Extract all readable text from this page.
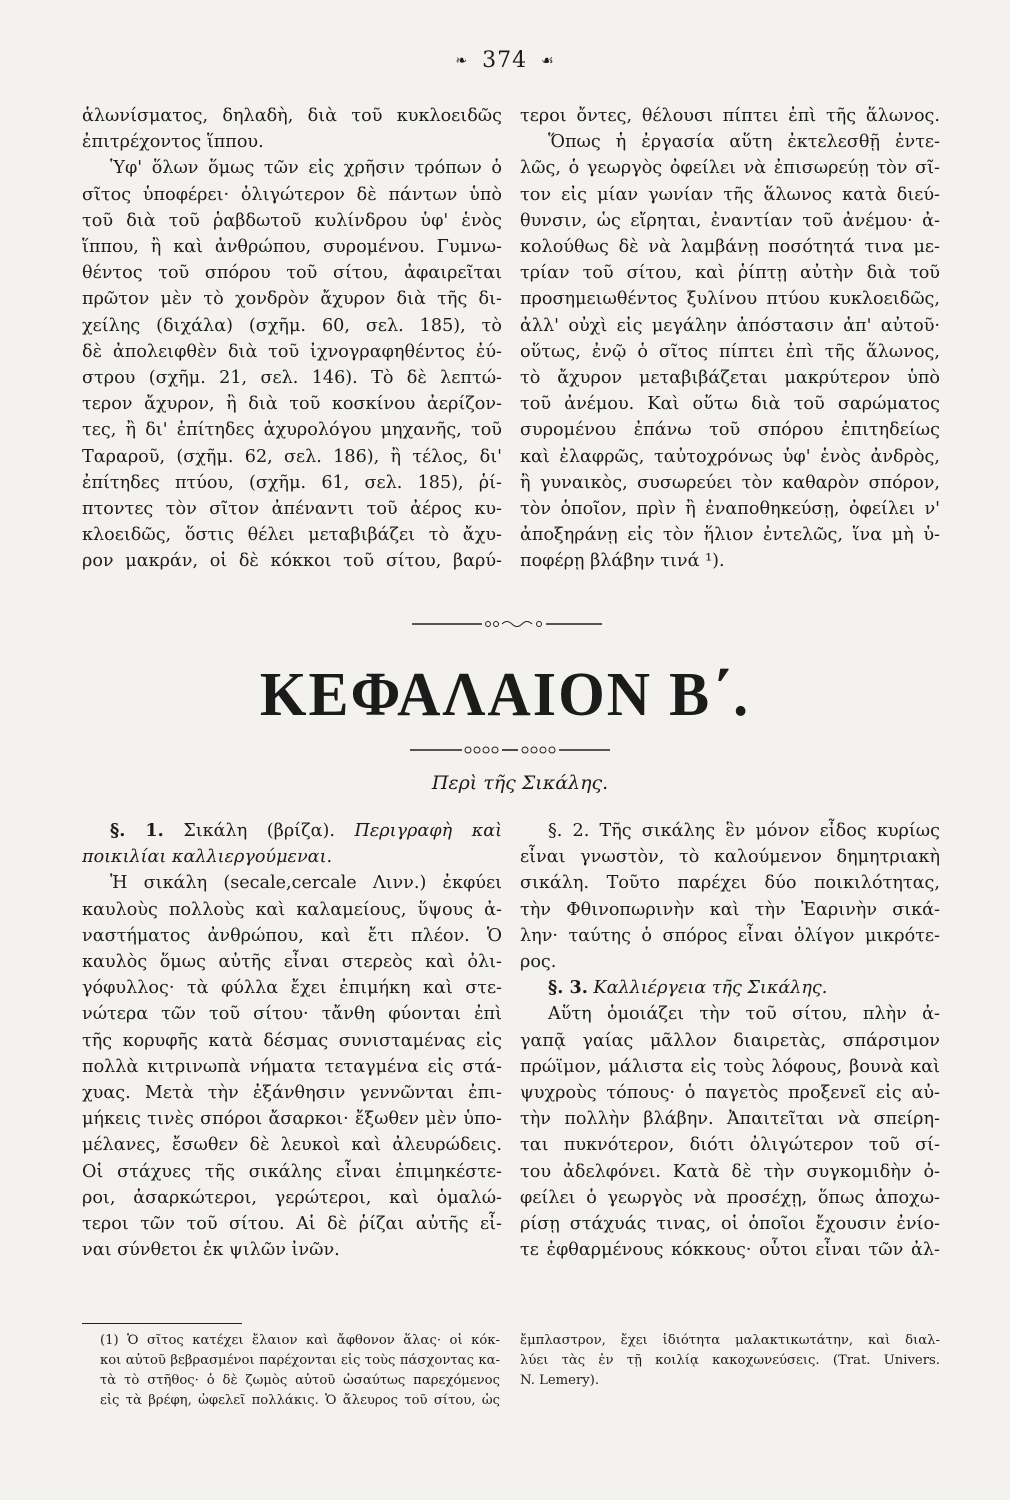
❧ 374 ☙
ἁλωνίσματος, δηλαδὴ, διὰ τοῦ κυκλοειδῶς
ἐπιτρέχοντος ἵππου.
Ὑφ' ὅλων ὅμως τῶν εἰς χρῆσιν τρόπων ὁ
σῖτος ὑποφέρει· ὀλιγώτερον δὲ πάντων ὑπὸ
τοῦ διὰ τοῦ ῥαβδωτοῦ κυλίνδρου ὑφ' ἑνὸς
ἵππου, ἢ καὶ ἀνθρώπου, συρομένου. Γυμνω-
θέντος τοῦ σπόρου τοῦ σίτου, ἀφαιρεῖται
πρῶτον μὲν τὸ χονδρὸν ἄχυρον διὰ τῆς δι-
χείλης (διχάλα) (σχῆμ. 60, σελ. 185), τὸ
δὲ ἀπολειφθὲν διὰ τοῦ ἰχνογραφηθέντος ἐύ-
στρου (σχῆμ. 21, σελ. 146). Τὸ δὲ λεπτώ-
τερον ἄχυρον, ἢ διὰ τοῦ κοσκίνου ἀερίζον-
τες, ἢ δι' ἐπίτηδες ἀχυρολόγου μηχανῆς, τοῦ
Ταραροῦ, (σχῆμ. 62, σελ. 186), ἢ τέλος, δι'
ἐπίτηδες πτύου, (σχῆμ. 61, σελ. 185), ῥί-
πτοντες τὸν σῖτον ἀπέναντι τοῦ ἀέρος κυ-
κλοειδῶς, ὅστις θέλει μεταβιβάζει τὸ ἄχυ-
ρον μακράν, οἱ δὲ κόκκοι τοῦ σίτου, βαρύ-
τεροι ὄντες, θέλουσι πίπτει ἐπὶ τῆς ἅλωνος.
Ὅπως ἡ ἐργασία αὕτη ἐκτελεσθῇ ἐντε-
λῶς, ὁ γεωργὸς ὀφείλει νὰ ἐπισωρεύῃ τὸν σῖ-
τον εἰς μίαν γωνίαν τῆς ἅλωνος κατὰ διεύ-
θυνσιν, ὡς εἴρηται, ἐναντίαν τοῦ ἀνέμου· ἀ-
κολούθως δὲ νὰ λαμβάνῃ ποσότητά τινα με-
τρίαν τοῦ σίτου, καὶ ῥίπτῃ αὐτὴν διὰ τοῦ
προσημειωθέντος ξυλίνου πτύου κυκλοειδῶς,
ἀλλ' οὐχὶ εἰς μεγάλην ἀπόστασιν ἀπ' αὐτοῦ·
οὕτως, ἐνῷ ὁ σῖτος πίπτει ἐπὶ τῆς ἅλωνος,
τὸ ἄχυρον μεταβιβάζεται μακρύτερον ὑπὸ
τοῦ ἀνέμου. Καὶ οὕτω διὰ τοῦ σαρώματος
συρομένου ἐπάνω τοῦ σπόρου ἐπιτηδείως
καὶ ἐλαφρῶς, ταὐτοχρόνως ὑφ' ἑνὸς ἀνδρὸς,
ἢ γυναικὸς, συσωρεύει τὸν καθαρὸν σπόρον,
τὸν ὁποῖον, πρὶν ἢ ἐναποθηκεύσῃ, ὀφείλει ν'
ἀποξηράνῃ εἰς τὸν ἥλιον ἐντελῶς, ἵνα μὴ ὑ-
ποφέρῃ βλάβην τινά ¹).
ΚΕΦΑΛΑΙΟΝ Β΄.
Περὶ τῆς Σικάλης.
§. 1. Σικάλη (βρίζα). Περιγραφὴ καὶ
ποικιλίαι καλλιεργούμεναι.
Ἡ σικάλη (secale,cercale Λινν.) ἐκφύει
καυλοὺς πολλοὺς καὶ καλαμείους, ὕψους ἀ-
ναστήματος ἀνθρώπου, καὶ ἔτι πλέον. Ὁ
καυλὸς ὅμως αὐτῆς εἶναι στερεὸς καὶ ὀλι-
γόφυλλος· τὰ φύλλα ἔχει ἐπιμήκη καὶ στε-
νώτερα τῶν τοῦ σίτου· τἄνθη φύονται ἐπὶ
τῆς κορυφῆς κατὰ δέσμας συνισταμένας εἰς
πολλὰ κιτρινωπὰ νήματα τεταγμένα εἰς στά-
χυας. Μετὰ τὴν ἐξάνθησιν γεννῶνται ἐπι-
μήκεις τινὲς σπόροι ἄσαρκοι· ἔξωθεν μὲν ὑπο-
μέλανες, ἔσωθεν δὲ λευκοὶ καὶ ἀλευρώδεις.
Οἱ στάχυες τῆς σικάλης εἶναι ἐπιμηκέστε-
ροι, ἀσαρκώτεροι, γερώτεροι, καὶ ὁμαλώ-
τεροι τῶν τοῦ σίτου. Αἱ δὲ ῥίζαι αὐτῆς εἶ-
ναι σύνθετοι ἐκ ψιλῶν ἰνῶν.
§. 2. Τῆς σικάλης ἓν μόνον εἶδος κυρίως
εἶναι γνωστὸν, τὸ καλούμενον δημητριακὴ
σικάλη. Τοῦτο παρέχει δύο ποικιλότητας,
τὴν Φθινοπωρινὴν καὶ τὴν Ἐαρινὴν σικά-
λην· ταύτης ὁ σπόρος εἶναι ὀλίγον μικρότε-
ρος.
§. 3. Καλλιέργεια τῆς Σικάλης.
Αὕτη ὁμοιάζει τὴν τοῦ σίτου, πλὴν ἀ-
γαπᾷ γαίας μᾶλλον διαιρετὰς, σπάρσιμον
πρώϊμον, μάλιστα εἰς τοὺς λόφους, βουνὰ καὶ
ψυχροὺς τόπους· ὁ παγετὸς προξενεῖ εἰς αὐ-
τὴν πολλὴν βλάβην. Ἀπαιτεῖται νὰ σπείρη-
ται πυκνότερον, διότι ὀλιγώτερον τοῦ σί-
του ἀδελφόνει. Κατὰ δὲ τὴν συγκομιδὴν ὀ-
φείλει ὁ γεωργὸς νὰ προσέχῃ, ὅπως ἀποχω-
ρίσῃ στάχυάς τινας, οἱ ὁποῖοι ἔχουσιν ἐνίο-
τε ἐφθαρμένους κόκκους· οὗτοι εἶναι τῶν ἀλ-
(1) Ὁ σῖτος κατέχει ἔλαιον καὶ ἄφθονον ἅλας· οἱ κόκ-
κοι αὐτοῦ βεβρασμένοι παρέχονται εἰς τοὺς πάσχοντας κα-
τὰ τὸ στῆθος· ὁ δὲ ζωμὸς αὐτοῦ ὡσαύτως παρεχόμενος
εἰς τὰ βρέφη, ὠφελεῖ πολλάκις. Ὁ ἄλευρος τοῦ σίτου, ὡς
ἔμπλαστρον, ἔχει ἰδιότητα μαλακτικωτάτην, καὶ διαλ-
λύει τὰς ἐν τῇ κοιλίᾳ κακοχωνεύσεις. (Trat. Univers.
N. Lemery).
